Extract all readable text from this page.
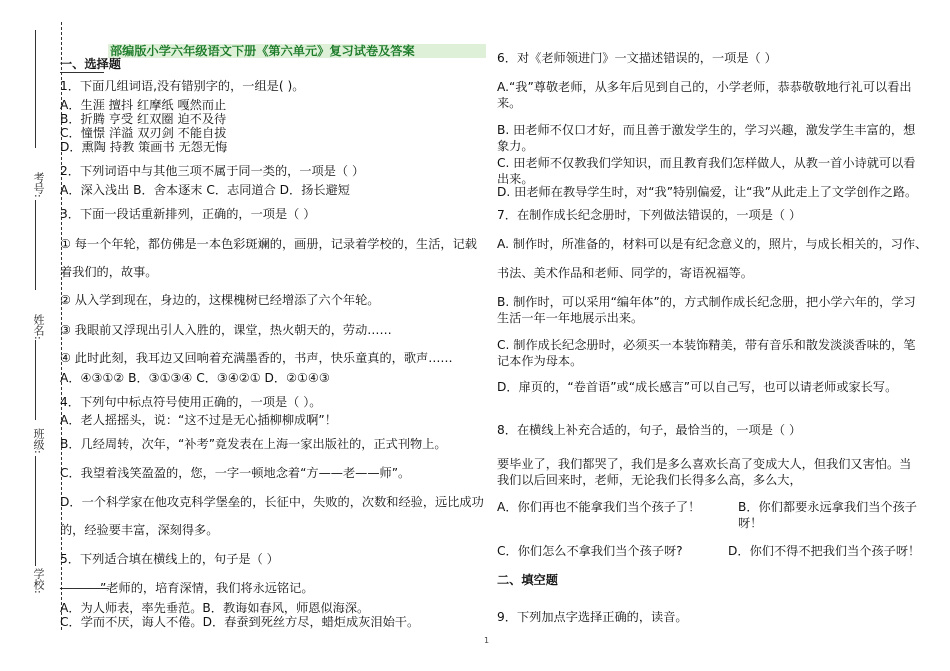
考号:
姓名:
班级:
学校:
部编版小学六年级语文下册《第六单元》复习试卷及答案
一、选择题
1．下面几组词语,没有错别字的，一组是( )。
A．生涯 擅抖 红摩纸 嘎然而止
B．折腾 亨受 红双圈 迫不及待
C．憧憬 洋溢 双刃剑 不能自拔
D．熏陶 持教 策画书 无怨无悔
2．下列词语中与其他三项不属于同一类的，一项是（ ）
A．深入浅出 B．舍本逐末 C．志同道合 D．扬长避短
3．下面一段话重新排列，正确的，一项是（ ）
① 每一个年轮，都仿佛是一本色彩斑斓的，画册，记录着学校的，生活，记载
着我们的，故事。
② 从入学到现在，身边的，这棵槐树已经增添了六个年轮。
③ 我眼前又浮现出引人入胜的，课堂，热火朝天的，劳动……
④ 此时此刻，我耳边又回响着充满墨香的，书声，快乐童真的，歌声……
A．④③①② B．③①③④ C．③④②① D．②①④③
4．下列句中标点符号使用正确的，一项是（ ）。
A．老人摇摇头，说：“这不过是无心插柳柳成啊”！
B．几经周转，次年，“补考”竟发表在上海一家出版社的，正式刊物上。
C．我望着浅笑盈盈的，您，一字一顿地念着“方——老——师”。
D．一个科学家在他攻克科学堡垒的，长征中，失败的，次数和经验，远比成功
的，经验要丰富，深刻得多。
5．下列适合填在横线上的，句子是（ ）
________
”老师的，培育深情，我们将永远铭记。
A．为人师表，率先垂范。B．教诲如春风，师恩似海深。
C．学而不厌，诲人不倦。D．春蚕到死丝方尽，蜡炬成灰泪始干。
6．对《老师领进门》一文描述错误的，一项是（ ）
A.“我”尊敬老师，从多年后见到自己的，小学老师，恭恭敬敬地行礼可以看出来。
B. 田老师不仅口才好，而且善于激发学生的，学习兴趣，激发学生丰富的，想象力。
C. 田老师不仅教我们学知识，而且教育我们怎样做人，从教一首小诗就可以看出来。
D. 田老师在教导学生时，对“我”特别偏爱，让“我”从此走上了文学创作之路。
7．在制作成长纪念册时，下列做法错误的，一项是（ ）
A. 制作时，所准备的，材料可以是有纪念意义的，照片，与成长相关的，习作、
书法、美术作品和老师、同学的，寄语祝福等。
B. 制作时，可以采用“编年体”的，方式制作成长纪念册，把小学六年的，学习生活一年一年地展示出来。
C. 制作成长纪念册时，必须买一本装饰精美，带有音乐和散发淡淡香味的，笔记本作为母本。
D．扉页的，“卷首语”或“成长感言”可以自己写，也可以请老师或家长写。
8．在横线上补充合适的，句子，最恰当的，一项是（ ）
要毕业了，我们都哭了，我们是多么喜欢长高了变成大人，但我们又害怕。当我们以后回来时，老师，无论我们长得多么高，多么大，
A．你们再也不能拿我们当个孩子了！	B．你们都要永远拿我们当个孩子呀！
C．你们怎么不拿我们当个孩子呀?	D．你们不得不把我们当个孩子呀！
二、填空题
9．下列加点字选择正确的，读音。
1
